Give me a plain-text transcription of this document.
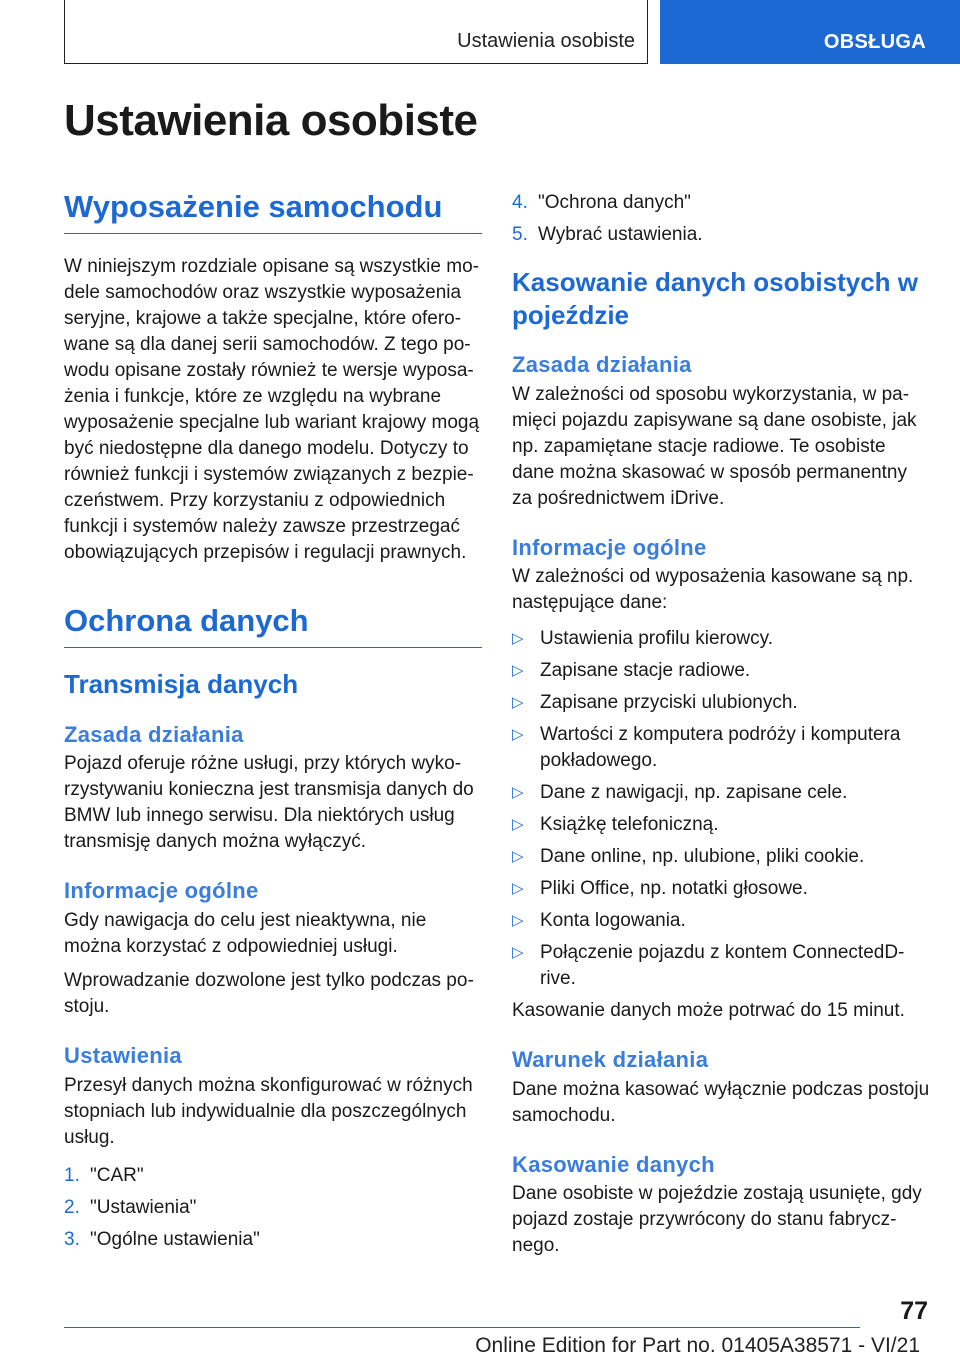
Ustawienia osobiste	OBSŁUGA
Ustawienia osobiste
Wyposażenie samochodu

W niniejszym rozdziale opisane są wszystkie mo-dele samochodów oraz wszystkie wyposażenia seryjne, krajowe a także specjalne, które ofero-wane są dla danej serii samochodów. Z tego po-wodu opisane zostały również te wersje wyposa-żenia i funkcje, które ze względu na wybrane wyposażenie specjalne lub wariant krajowy mogą być niedostępne dla danego modelu. Dotyczy to również funkcji i systemów związanych z bezpie-czeństwem. Przy korzystaniu z odpowiednich funkcji i systemów należy zawsze przestrzegać obowiązujących przepisów i regulacji prawnych.

Ochrona danych
Transmisja danych
Zasada działania

Pojazd oferuje różne usługi, przy których wyko-rzystywaniu konieczna jest transmisja danych do BMW lub innego serwisu. Dla niektórych usług transmisję danych można wyłączyć.

Informacje ogólne

Gdy nawigacja do celu jest nieaktywna, nie można korzystać z odpowiedniej usługi.

Wprowadzanie dozwolone jest tylko podczas po-stoju.

Ustawienia

Przesył danych można skonfigurować w różnych stopniach lub indywidualnie dla poszczególnych usług.

1. "CAR"
2. "Ustawienia"
3. "Ogólne ustawienia"
4. "Ochrona danych"
5. Wybrać ustawienia.
Kasowanie danych osobistych w pojeździe
Zasada działania

W zależności od sposobu wykorzystania, w pa-mięci pojazdu zapisywane są dane osobiste, jak np. zapamiętane stacje radiowe. Te osobiste dane można skasować w sposób permanentny za pośrednictwem iDrive.

Informacje ogólne

W zależności od wyposażenia kasowane są np. następujące dane:

▷ Ustawienia profilu kierowcy.
▷ Zapisane stacje radiowe.
▷ Zapisane przyciski ulubionych.
▷ Wartości z komputera podróży i komputera pokładowego.
▷ Dane z nawigacji, np. zapisane cele.
▷ Książkę telefoniczną.
▷ Dane online, np. ulubione, pliki cookie.
▷ Pliki Office, np. notatki głosowe.
▷ Konta logowania.
▷ Połączenie pojazdu z kontem ConnectedD-rive.

Kasowanie danych może potrwać do 15 minut.

Warunek działania

Dane można kasować wyłącznie podczas postoju samochodu.

Kasowanie danych

Dane osobiste w pojeździe zostają usunięte, gdy pojazd zostaje przywrócony do stanu fabrycz-nego.

77
Online Edition for Part no. 01405A38571 - VI/21
